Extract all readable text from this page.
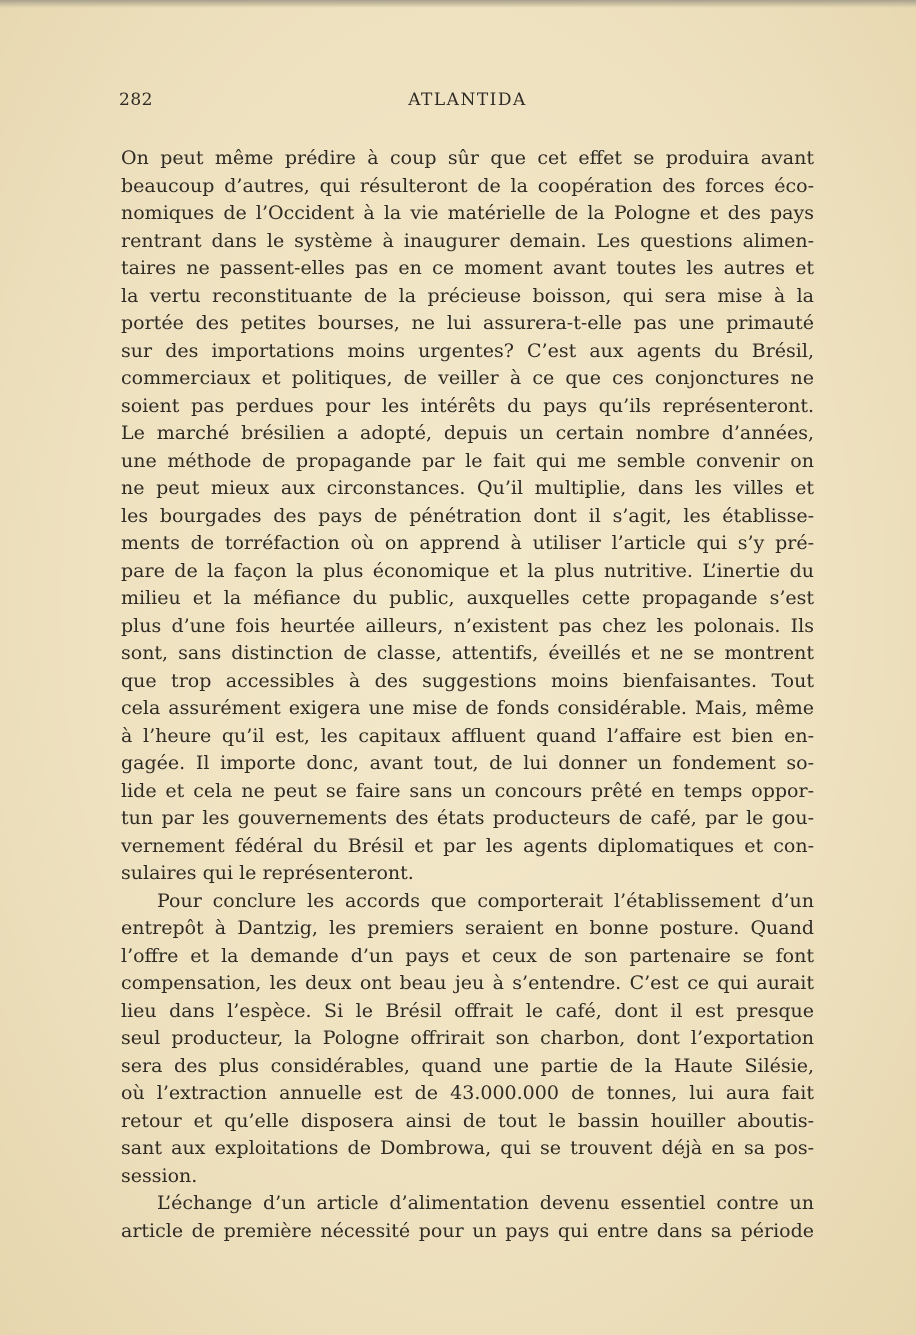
282	ATLANTIDA

On peut même prédire à coup sûr que cet effet se produira avant
beaucoup d’autres, qui résulteront de la coopération des forces éco-
nomiques de l’Occident à la vie matérielle de la Pologne et des pays
rentrant dans le système à inaugurer demain. Les questions alimen-
taires ne passent-elles pas en ce moment avant toutes les autres et
la vertu reconstituante de la précieuse boisson, qui sera mise à la
portée des petites bourses, ne lui assurera-t-elle pas une primauté
sur des importations moins urgentes? C’est aux agents du Brésil,
commerciaux et politiques, de veiller à ce que ces conjonctures ne
soient pas perdues pour les intérêts du pays qu’ils représenteront.
Le marché brésilien a adopté, depuis un certain nombre d’années,
une méthode de propagande par le fait qui me semble convenir on
ne peut mieux aux circonstances. Qu’il multiplie, dans les villes et
les bourgades des pays de pénétration dont il s’agit, les établisse-
ments de torréfaction où on apprend à utiliser l’article qui s’y pré-
pare de la façon la plus économique et la plus nutritive. L’inertie du
milieu et la méfiance du public, auxquelles cette propagande s’est
plus d’une fois heurtée ailleurs, n’existent pas chez les polonais. Ils
sont, sans distinction de classe, attentifs, éveillés et ne se montrent
que trop accessibles à des suggestions moins bienfaisantes. Tout
cela assurément exigera une mise de fonds considérable. Mais, même
à l’heure qu’il est, les capitaux affluent quand l’affaire est bien en-
gagée. Il importe donc, avant tout, de lui donner un fondement so-
lide et cela ne peut se faire sans un concours prêté en temps oppor-
tun par les gouvernements des états producteurs de café, par le gou-
vernement fédéral du Brésil et par les agents diplomatiques et con-
sulaires qui le représenteront.

Pour conclure les accords que comporterait l’établissement d’un
entrepôt à Dantzig, les premiers seraient en bonne posture. Quand
l’offre et la demande d’un pays et ceux de son partenaire se font
compensation, les deux ont beau jeu à s’entendre. C’est ce qui aurait
lieu dans l’espèce. Si le Brésil offrait le café, dont il est presque
seul producteur, la Pologne offrirait son charbon, dont l’exportation
sera des plus considérables, quand une partie de la Haute Silésie,
où l’extraction annuelle est de 43.000.000 de tonnes, lui aura fait
retour et qu’elle disposera ainsi de tout le bassin houiller aboutis-
sant aux exploitations de Dombrowa, qui se trouvent déjà en sa pos-
session.

L’échange d’un article d’alimentation devenu essentiel contre un
article de première nécessité pour un pays qui entre dans sa période
